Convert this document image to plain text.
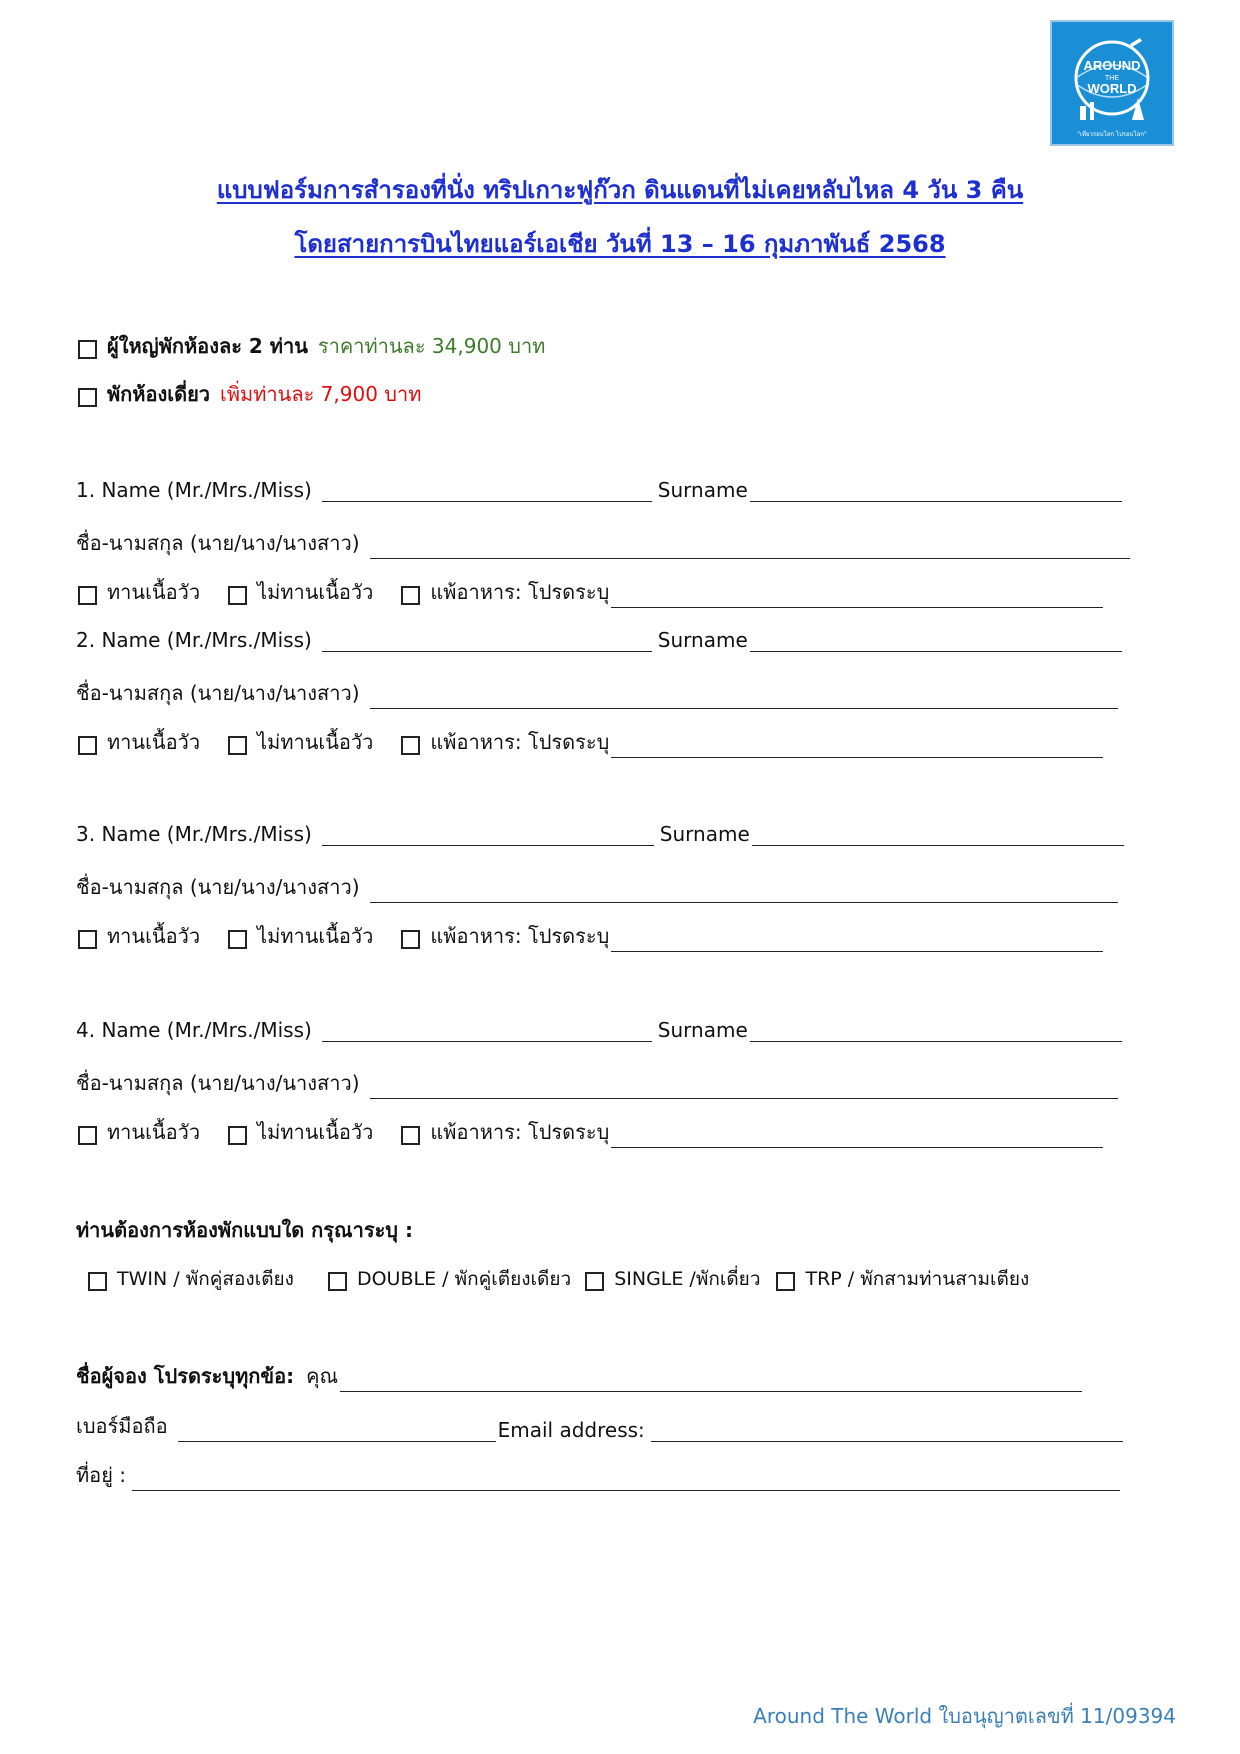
AROUND
THE
WORLD
"เที่ยวรอบโลก ไปรอบโลก"
แบบฟอร์มการสำรองที่นั่ง ทริปเกาะฟูก๊วก ดินแดนที่ไม่เคยหลับไหล 4 วัน 3 คืน
โดยสายการบินไทยแอร์เอเชีย วันที่ 13 – 16 กุมภาพันธ์ 2568
ผู้ใหญ่พักห้องละ 2 ท่าน ราคาท่านละ 34,900 บาท
พักห้องเดี่ยว เพิ่มท่านละ 7,900 บาท
1. Name (Mr./Mrs./Miss)	Surname
ชื่อ-นามสกุล (นาย/นาง/นางสาว)
ทานเนื้อวัว	ไม่ทานเนื้อวัว	แพ้อาหาร: โปรดระบุ
2. Name (Mr./Mrs./Miss)	Surname
ชื่อ-นามสกุล (นาย/นาง/นางสาว)
ทานเนื้อวัว	ไม่ทานเนื้อวัว	แพ้อาหาร: โปรดระบุ
3. Name (Mr./Mrs./Miss)	Surname
ชื่อ-นามสกุล (นาย/นาง/นางสาว)
ทานเนื้อวัว	ไม่ทานเนื้อวัว	แพ้อาหาร: โปรดระบุ
4. Name (Mr./Mrs./Miss)	Surname
ชื่อ-นามสกุล (นาย/นาง/นางสาว)
ทานเนื้อวัว	ไม่ทานเนื้อวัว	แพ้อาหาร: โปรดระบุ
ท่านต้องการห้องพักแบบใด กรุณาระบุ :
TWIN / พักคู่สองเตียง	DOUBLE / พักคู่เตียงเดียว SINGLE /พักเดี่ยว TRP / พักสามท่านสามเตียง
ชื่อผู้จอง โปรดระบุทุกข้อ: คุณ
เบอร์มือถือ	Email address:
ที่อยู่ :
Around The World ใบอนุญาตเลขที่ 11/09394
